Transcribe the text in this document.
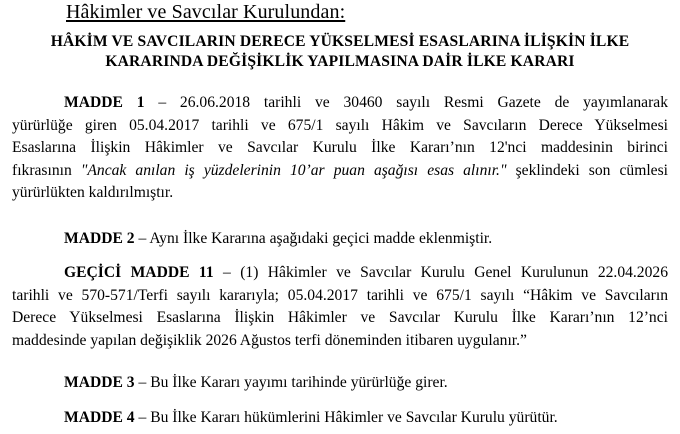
Hâkimler ve Savcılar Kurulundan:
HÂKİM VE SAVCILARIN DERECE YÜKSELMESİ ESASLARINA İLİŞKİN İLKE
KARARINDA DEĞİŞİKLİK YAPILMASINA DAİR İLKE KARARI
MADDE 1 – 26.06.2018 tarihli ve 30460 sayılı Resmi Gazete de yayımlanarak
yürürlüğe giren 05.04.2017 tarihli ve 675/1 sayılı Hâkim ve Savcıların Derece Yükselmesi
Esaslarına İlişkin Hâkimler ve Savcılar Kurulu İlke Kararı’nın 12'nci maddesinin birinci
fıkrasının "Ancak anılan iş yüzdelerinin 10’ar puan aşağısı esas alınır." şeklindeki son cümlesi
yürürlükten kaldırılmıştır.
MADDE 2 – Aynı İlke Kararına aşağıdaki geçici madde eklenmiştir.
GEÇİCİ MADDE 11 – (1) Hâkimler ve Savcılar Kurulu Genel Kurulunun 22.04.2026
tarihli ve 570-571/Terfi sayılı kararıyla; 05.04.2017 tarihli ve 675/1 sayılı “Hâkim ve Savcıların
Derece Yükselmesi Esaslarına İlişkin Hâkimler ve Savcılar Kurulu İlke Kararı’nın 12’nci
maddesinde yapılan değişiklik 2026 Ağustos terfi döneminden itibaren uygulanır.”
MADDE 3 – Bu İlke Kararı yayımı tarihinde yürürlüğe girer.
MADDE 4 – Bu İlke Kararı hükümlerini Hâkimler ve Savcılar Kurulu yürütür.
